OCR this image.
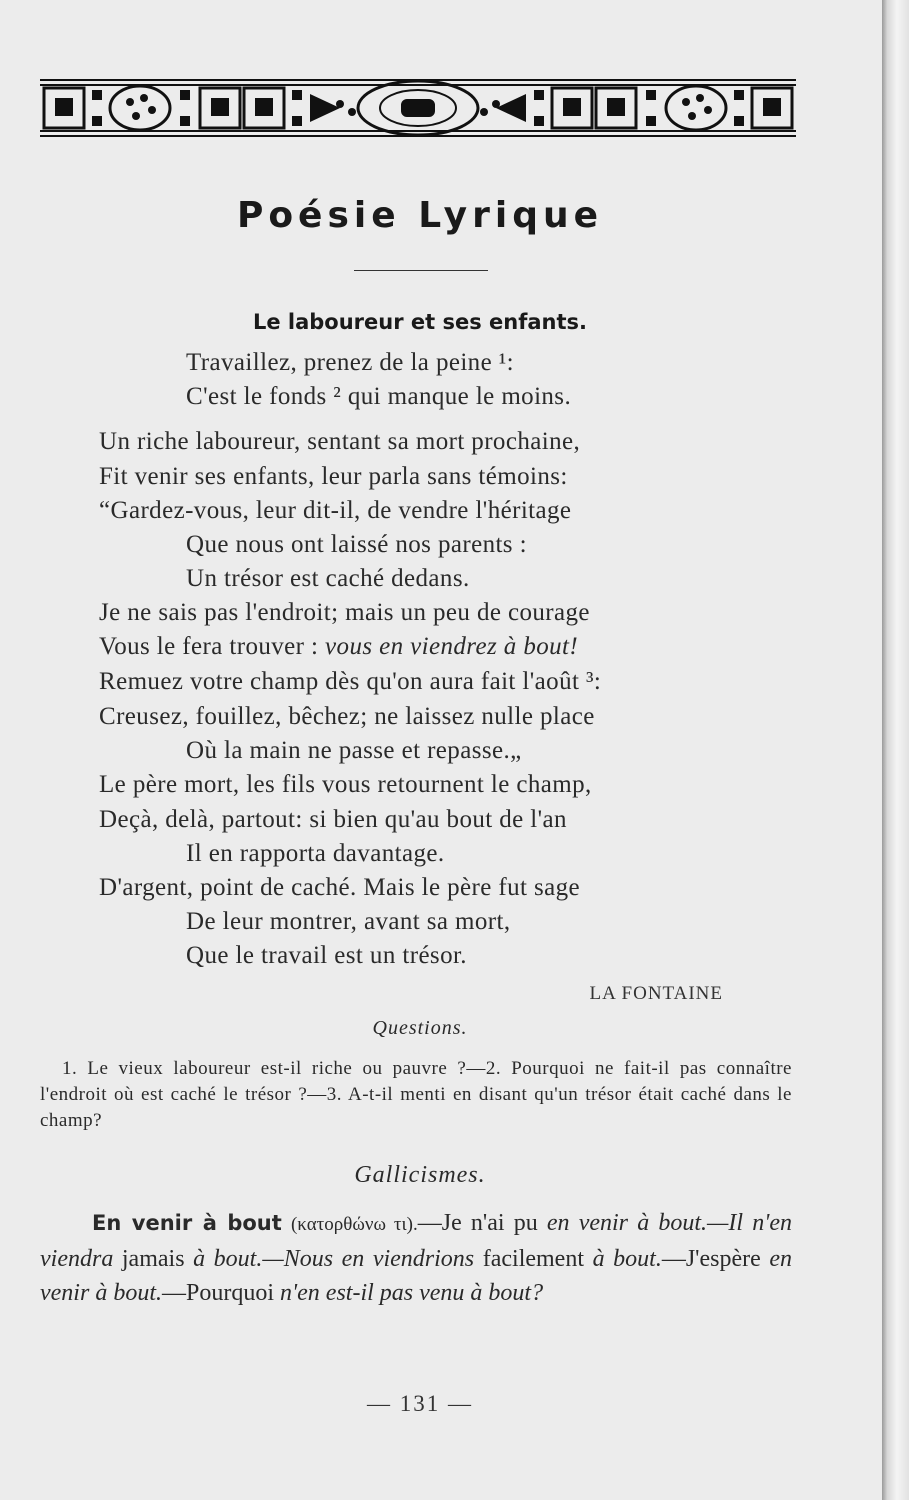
Poésie Lyrique
Le laboureur et ses enfants.
Travaillez, prenez de la peine ¹:
C'est le fonds ² qui manque le moins.
Un riche laboureur, sentant sa mort prochaine,
Fit venir ses enfants, leur parla sans témoins:
“Gardez-vous, leur dit-il, de vendre l'héritage
Que nous ont laissé nos parents :
Un trésor est caché dedans.
Je ne sais pas l'endroit; mais un peu de courage
Vous le fera trouver : vous en viendrez à bout!
Remuez votre champ dès qu'on aura fait l'août ³:
Creusez, fouillez, bêchez; ne laissez nulle place
Où la main ne passe et repasse.„
Le père mort, les fils vous retournent le champ,
Deçà, delà, partout: si bien qu'au bout de l'an
Il en rapporta davantage.
D'argent, point de caché. Mais le père fut sage
De leur montrer, avant sa mort,
Que le travail est un trésor.
LA FONTAINE
Questions.
1. Le vieux laboureur est-il riche ou pauvre ?—2. Pourquoi ne fait-il pas connaître l'endroit où est caché le trésor ?—3. A-t-il menti en disant qu'un trésor était caché dans le champ?
Gallicismes.
En venir à bout (κατορθώνω τι).—Je n'ai pu en venir à bout.—Il n'en viendra jamais à bout.—Nous en viendrions facilement à bout.—J'espère en venir à bout.—Pourquoi n'en est-il pas venu à bout?
— 131 —
